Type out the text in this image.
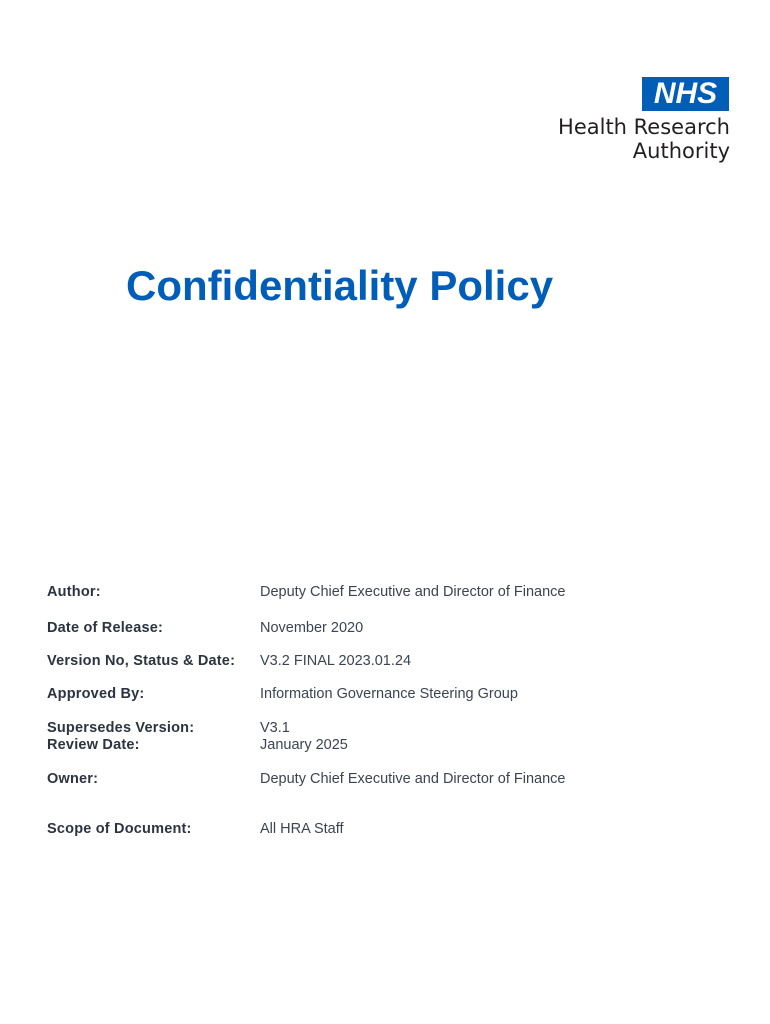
NHS
Health Research
Authority
Confidentiality Policy
Author:	Deputy Chief Executive and Director of Finance
Date of Release:	November 2020
Version No, Status & Date:	V3.2 FINAL 2023.01.24
Approved By:	Information Governance Steering Group
Supersedes Version:	V3.1
Review Date:	January 2025
Owner:	Deputy Chief Executive and Director of Finance
Scope of Document:	All HRA Staff
